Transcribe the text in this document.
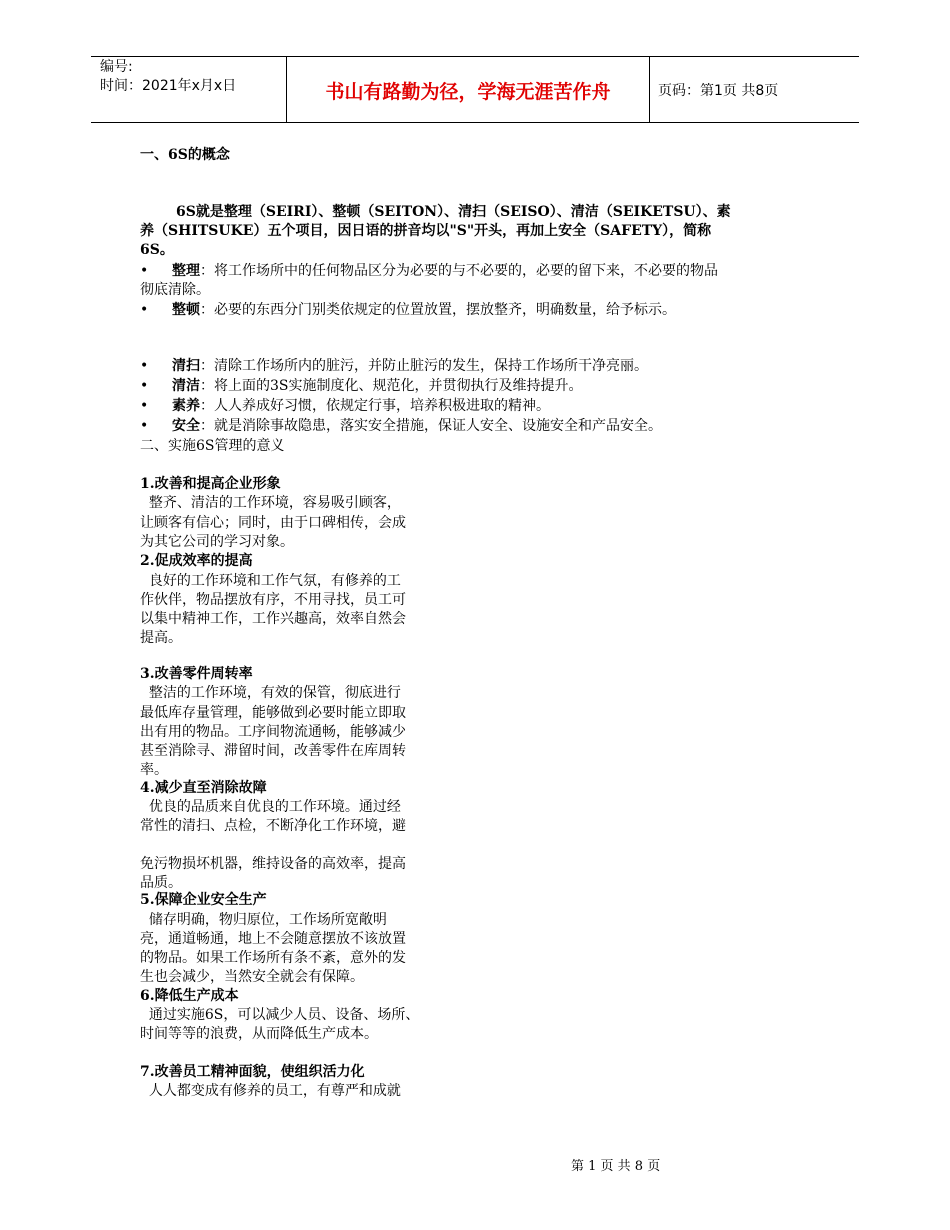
编号:
时间：2021年x月x日	书山有路勤为径，学海无涯苦作舟	页码：第1页 共8页
一、6S的概念
6S就是整理（SEIRI）、整顿（SEITON）、清扫（SEISO）、清洁（SEIKETSU）、素
养（SHITSUKE）五个项目，因日语的拼音均以"S"开头，再加上安全（SAFETY），简称
6S。
• 整理：将工作场所中的任何物品区分为必要的与不必要的，必要的留下来，不必要的物品
彻底清除。
• 整顿：必要的东西分门别类依规定的位置放置，摆放整齐，明确数量，给予标示。
• 清扫：清除工作场所内的脏污，并防止脏污的发生，保持工作场所干净亮丽。
• 清洁：将上面的3S实施制度化、规范化，并贯彻执行及维持提升。
• 素养：人人养成好习惯，依规定行事，培养积极进取的精神。
• 安全：就是消除事故隐患，落实安全措施，保证人安全、设施安全和产品安全。
二、实施6S管理的意义
1.改善和提高企业形象
整齐、清洁的工作环境，容易吸引顾客，
让顾客有信心；同时，由于口碑相传，会成
为其它公司的学习对象。
2.促成效率的提高
良好的工作环境和工作气氛，有修养的工
作伙伴，物品摆放有序，不用寻找，员工可
以集中精神工作，工作兴趣高，效率自然会
提高。
3.改善零件周转率
整洁的工作环境，有效的保管，彻底进行
最低库存量管理，能够做到必要时能立即取
出有用的物品。工序间物流通畅，能够减少
甚至消除寻、滞留时间，改善零件在库周转
率。
4.减少直至消除故障
优良的品质来自优良的工作环境。通过经
常性的清扫、点检，不断净化工作环境，避
免污物损坏机器，维持设备的高效率，提高
品质。
5.保障企业安全生产
储存明确，物归原位，工作场所宽敞明
亮，通道畅通，地上不会随意摆放不该放置
的物品。如果工作场所有条不紊，意外的发
生也会减少，当然安全就会有保障。
6.降低生产成本
通过实施6S，可以减少人员、设备、场所、
时间等等的浪费，从而降低生产成本。
7.改善员工精神面貌，使组织活力化
人人都变成有修养的员工，有尊严和成就
第 1 页 共 8 页
